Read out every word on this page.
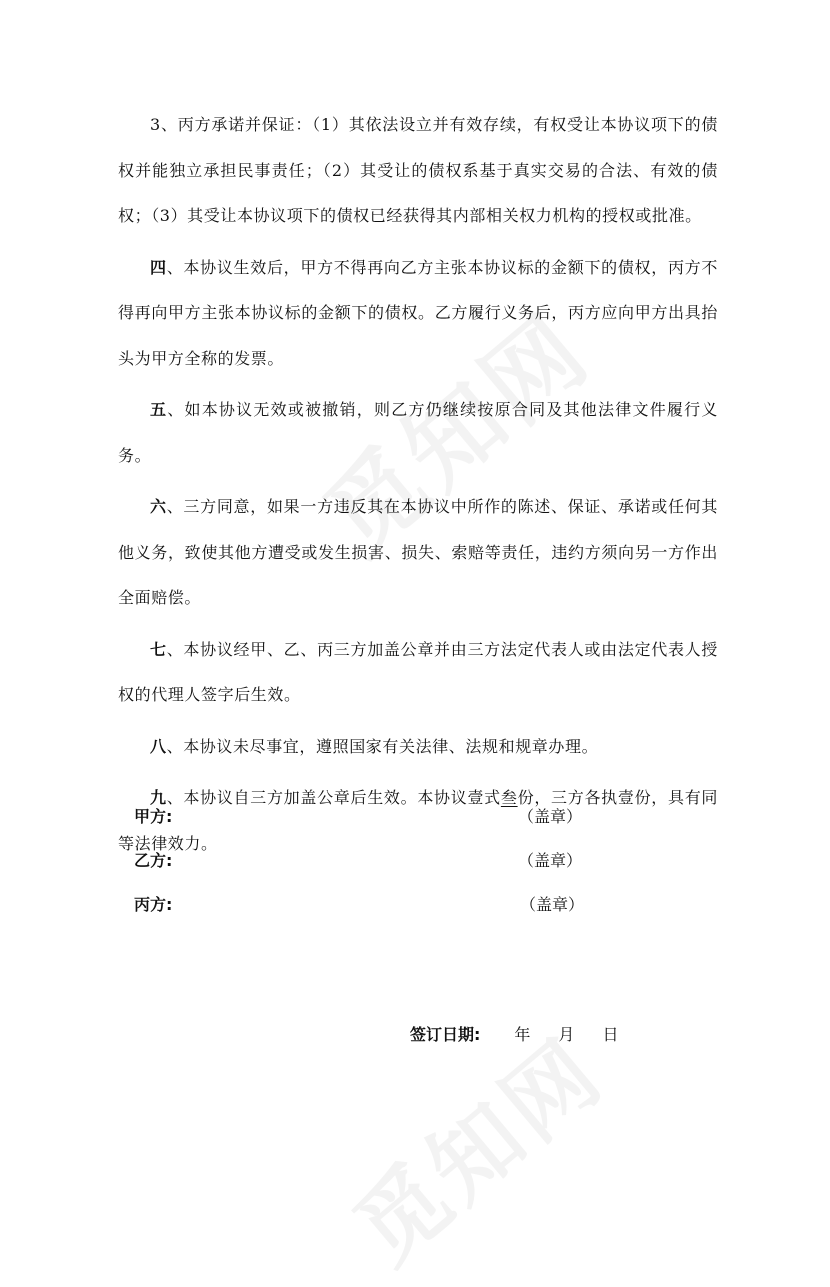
3、丙方承诺并保证：（1）其依法设立并有效存续，有权受让本协议项下的债权并能独立承担民事责任；（2）其受让的债权系基于真实交易的合法、有效的债权；（3）其受让本协议项下的债权已经获得其内部相关权力机构的授权或批准。

四、本协议生效后，甲方不得再向乙方主张本协议标的金额下的债权，丙方不得再向甲方主张本协议标的金额下的债权。乙方履行义务后，丙方应向甲方出具抬头为甲方全称的发票。

五、如本协议无效或被撤销，则乙方仍继续按原合同及其他法律文件履行义务。

六、三方同意，如果一方违反其在本协议中所作的陈述、保证、承诺或任何其他义务，致使其他方遭受或发生损害、损失、索赔等责任，违约方须向另一方作出全面赔偿。

七、本协议经甲、乙、丙三方加盖公章并由三方法定代表人或由法定代表人授权的代理人签字后生效。

八、本协议未尽事宜，遵照国家有关法律、法规和规章办理。

九、本协议自三方加盖公章后生效。本协议壹式叁份，三方各执壹份，具有同等法律效力。

甲方:	（盖章）
乙方:	（盖章）
丙方:	（盖章）
签订日期: 年 月 日
